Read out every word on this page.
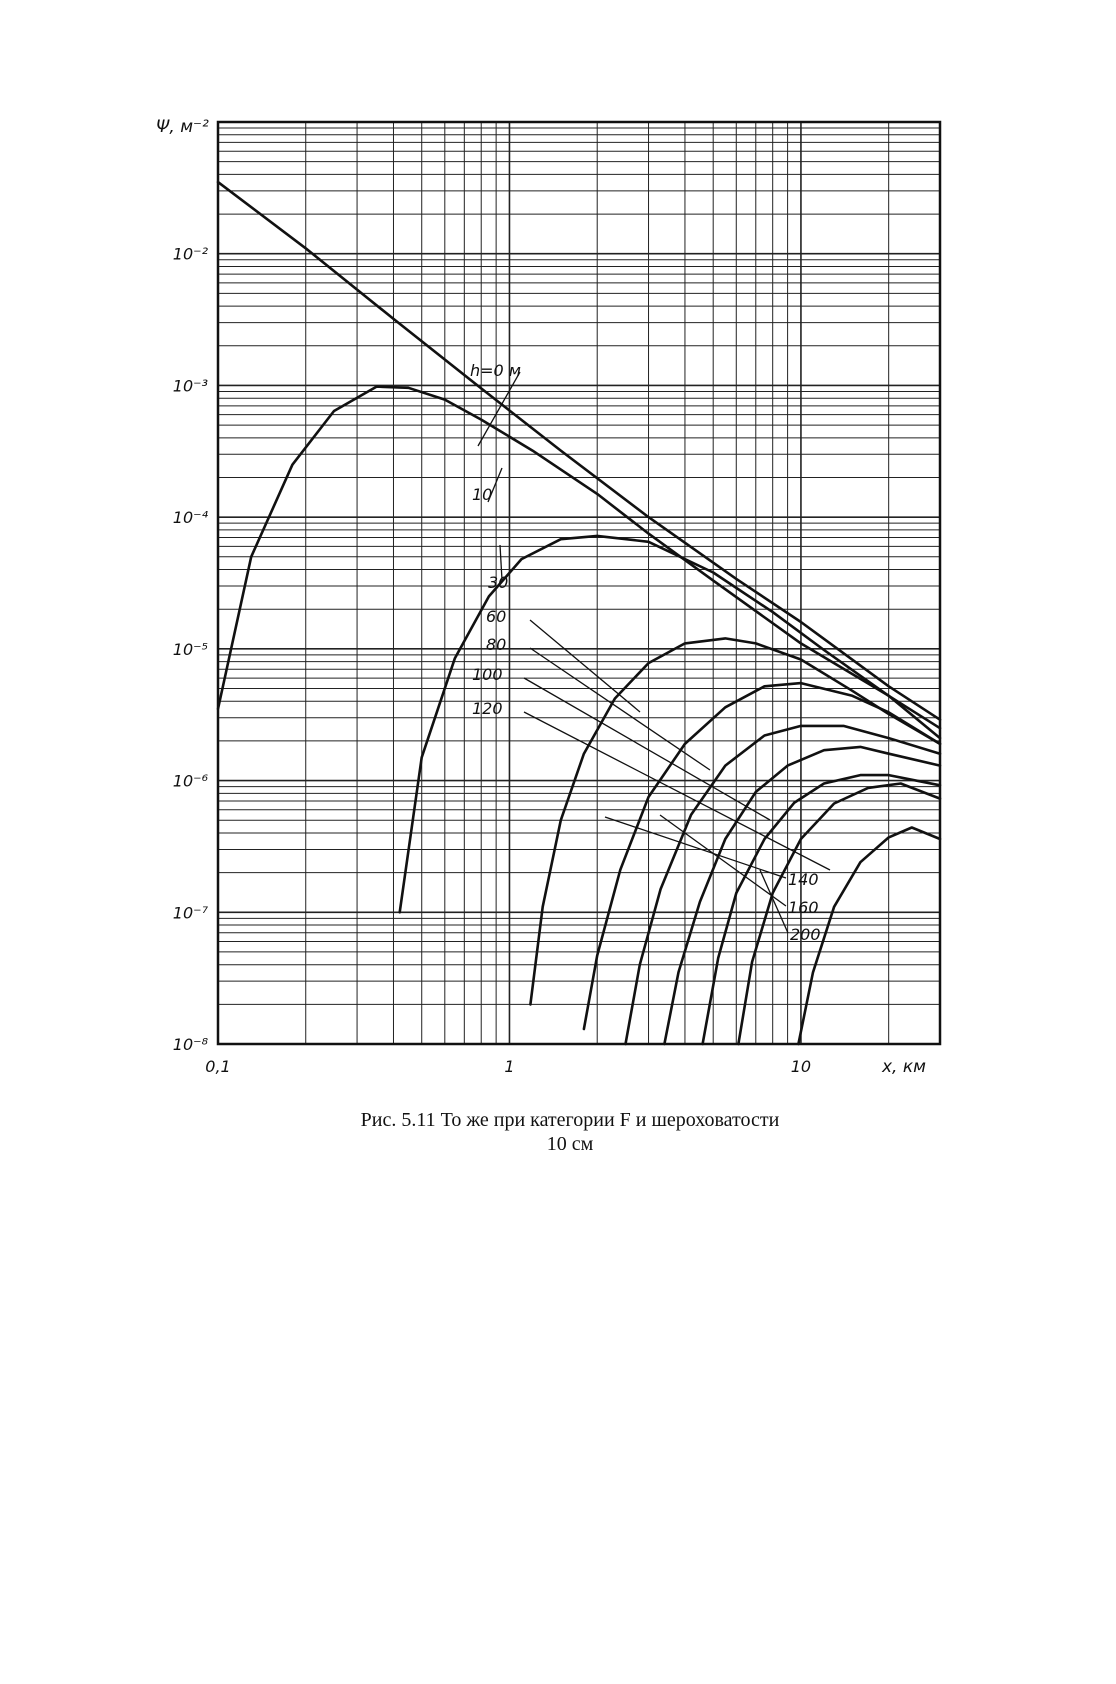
0,1	1	10
10⁻²
10⁻³
10⁻⁴
10⁻⁵
10⁻⁶
10⁻⁷
10⁻⁸
h=0 м
10
30
60
80
100
120
140
160
200
Ψ, м⁻²
x, км
Рис. 5.11 То же при категории F и шероховатости
10 см
